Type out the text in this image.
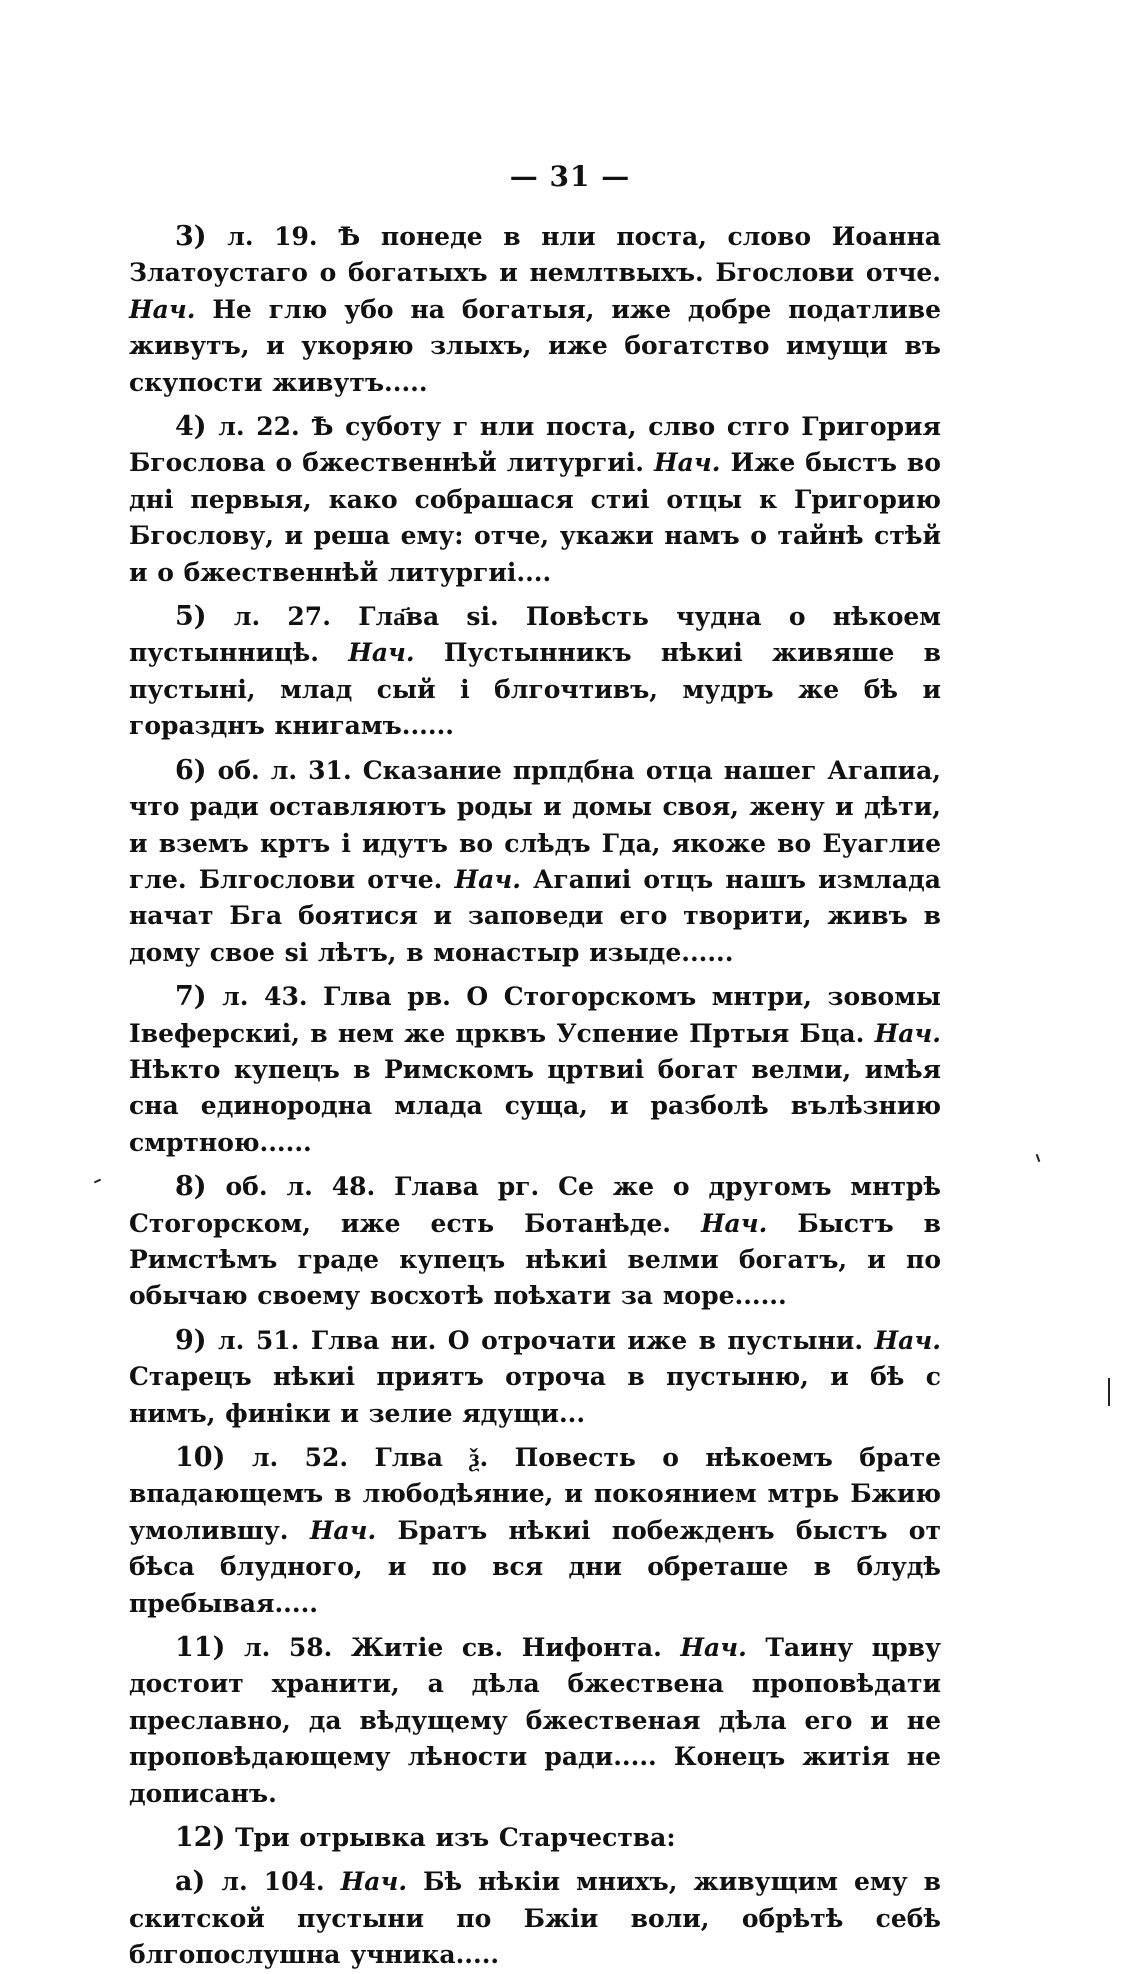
— 31 —

3) л. 19. Ѣ понеде в нли поста, слово Иоанна Златоустаго о богатыхъ и немлтвыхъ. Бгослови отче. Нач. Не глю убо на богатыя, иже добре податливе живутъ, и укоряю злыхъ, иже богатство имущи въ скупости живутъ.....

4) л. 22. Ѣ суботу г нли поста, слво стго Григория Бгослова о бжественнѣй литургиі. Нач. Иже быстъ во дні первыя, како собрашася стиі отцы к Григорию Бгослову, и реша ему: отче, укажи намъ о тайнѣ стѣй и о бжественнѣй литургиі....

5) л. 27. Гла҃ва ѕі. Повѣсть чудна о нѣкоем пустынницѣ. Нач. Пустынникъ нѣкиі живяше в пустыні, млад сый і блгочтивъ, мудръ же бѣ и горазднъ книгамъ......

6) об. л. 31. Сказание прпдбна отца нашег Агапиа, что ради оставляютъ роды и домы своя, жену и дѣти, и вземъ кртъ і идутъ во слѣдъ Гда, якоже во Еуаглие гле. Блгослови отче. Нач. Агапиі отцъ нашъ измлада начат Бга боятися и заповеди его творити, живъ в дому свое si лѣтъ, в монастыр изыде......

7) л. 43. Глва рв. О Стогорскомъ мнтри, зовомы Івеферскиі, в нем же црквъ Успение Пртыя Бца. Нач. Нѣкто купецъ в Римскомъ цртвиі богат велми, имѣя сна единородна млада суща, и разболѣ вълѣзнию смртною......

8) об. л. 48. Глава рг. Се же о другомъ мнтрѣ Стогорском, иже есть Ботанѣде. Нач. Быстъ в Римстѣмъ граде купецъ нѣкиі велми богатъ, и по обычаю своему восхотѣ поѣхати за море......

9) л. 51. Глва ни. О отрочати иже в пустыни. Нач. Старецъ нѣкиі приятъ отроча в пустыню, и бѣ с нимъ, финіки и зелие ядущи...

10) л. 52. Глва ѯ. Повесть о нѣкоемъ брате впадающемъ в любодѣяние, и покоянием мтрь Бжию умолившу. Нач. Братъ нѣкиі побежденъ быстъ от бѣса блудного, и по вся дни обреташе в блудѣ пребывая.....

11) л. 58. Житіе св. Нифонта. Нач. Таину црву достоит хранити, а дѣла бжествена проповѣдати преславно, да вѣдущему бжественая дѣла его и не проповѣдающему лѣности ради..... Конецъ житія не дописанъ.

12) Три отрывка изъ Старчества:

а) л. 104. Нач. Бѣ нѣкіи мнихъ, живущим ему в скитской пустыни по Бжіи воли, обрѣтѣ себѣ блгопослушна учника.....
